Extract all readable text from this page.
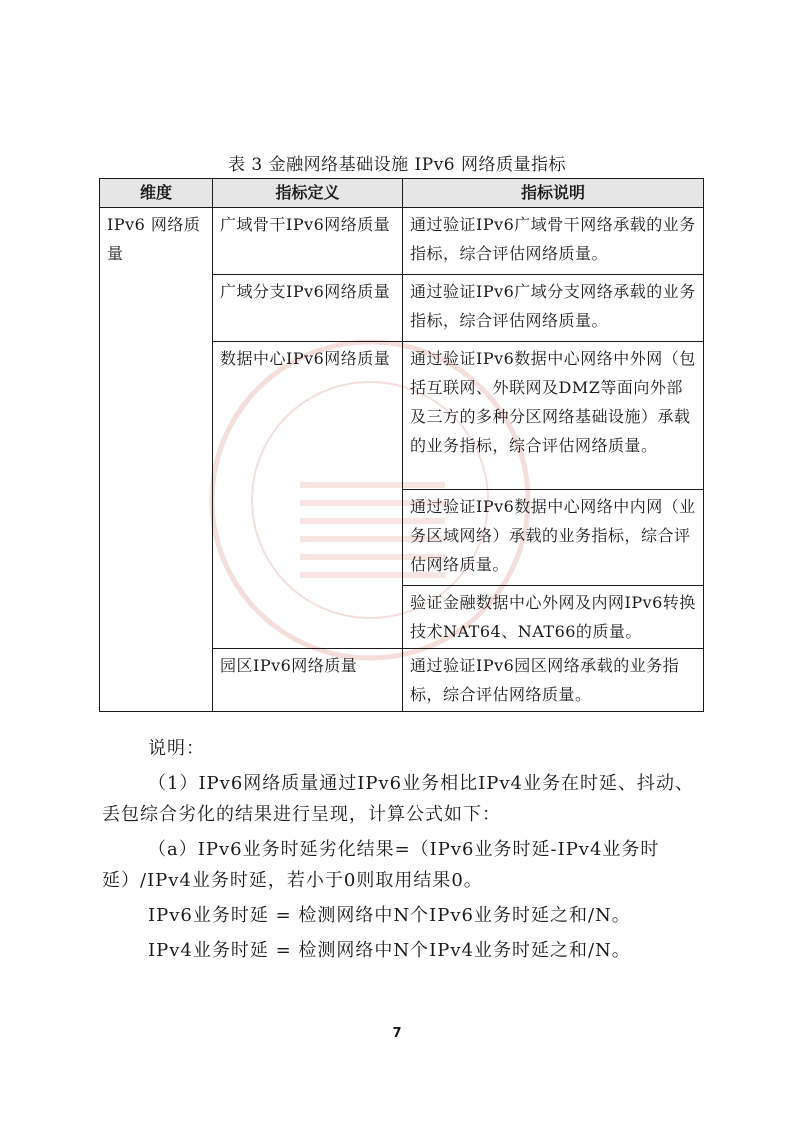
表 3 金融网络基础设施 IPv6 网络质量指标
维度	指标定义	指标说明
IPv6 网络质量	广域骨干IPv6网络质量	通过验证IPv6广域骨干网络承载的业务指标，综合评估网络质量。
	广域分支IPv6网络质量	通过验证IPv6广域分支网络承载的业务指标，综合评估网络质量。
	数据中心IPv6网络质量	通过验证IPv6数据中心网络中外网（包括互联网、外联网及DMZ等面向外部及三方的多种分区网络基础设施）承载的业务指标，综合评估网络质量。
		通过验证IPv6数据中心网络中内网（业务区域网络）承载的业务指标，综合评估网络质量。
		验证金融数据中心外网及内网IPv6转换技术NAT64、NAT66的质量。
	园区IPv6网络质量	通过验证IPv6园区网络承载的业务指标，综合评估网络质量。

说明：

（1）IPv6网络质量通过IPv6业务相比IPv4业务在时延、抖动、丢包综合劣化的结果进行呈现，计算公式如下：

（a）IPv6业务时延劣化结果=（IPv6业务时延-IPv4业务时延）/IPv4业务时延，若小于0则取用结果0。

IPv6业务时延 = 检测网络中N个IPv6业务时延之和/N。

IPv4业务时延 = 检测网络中N个IPv4业务时延之和/N。

7
